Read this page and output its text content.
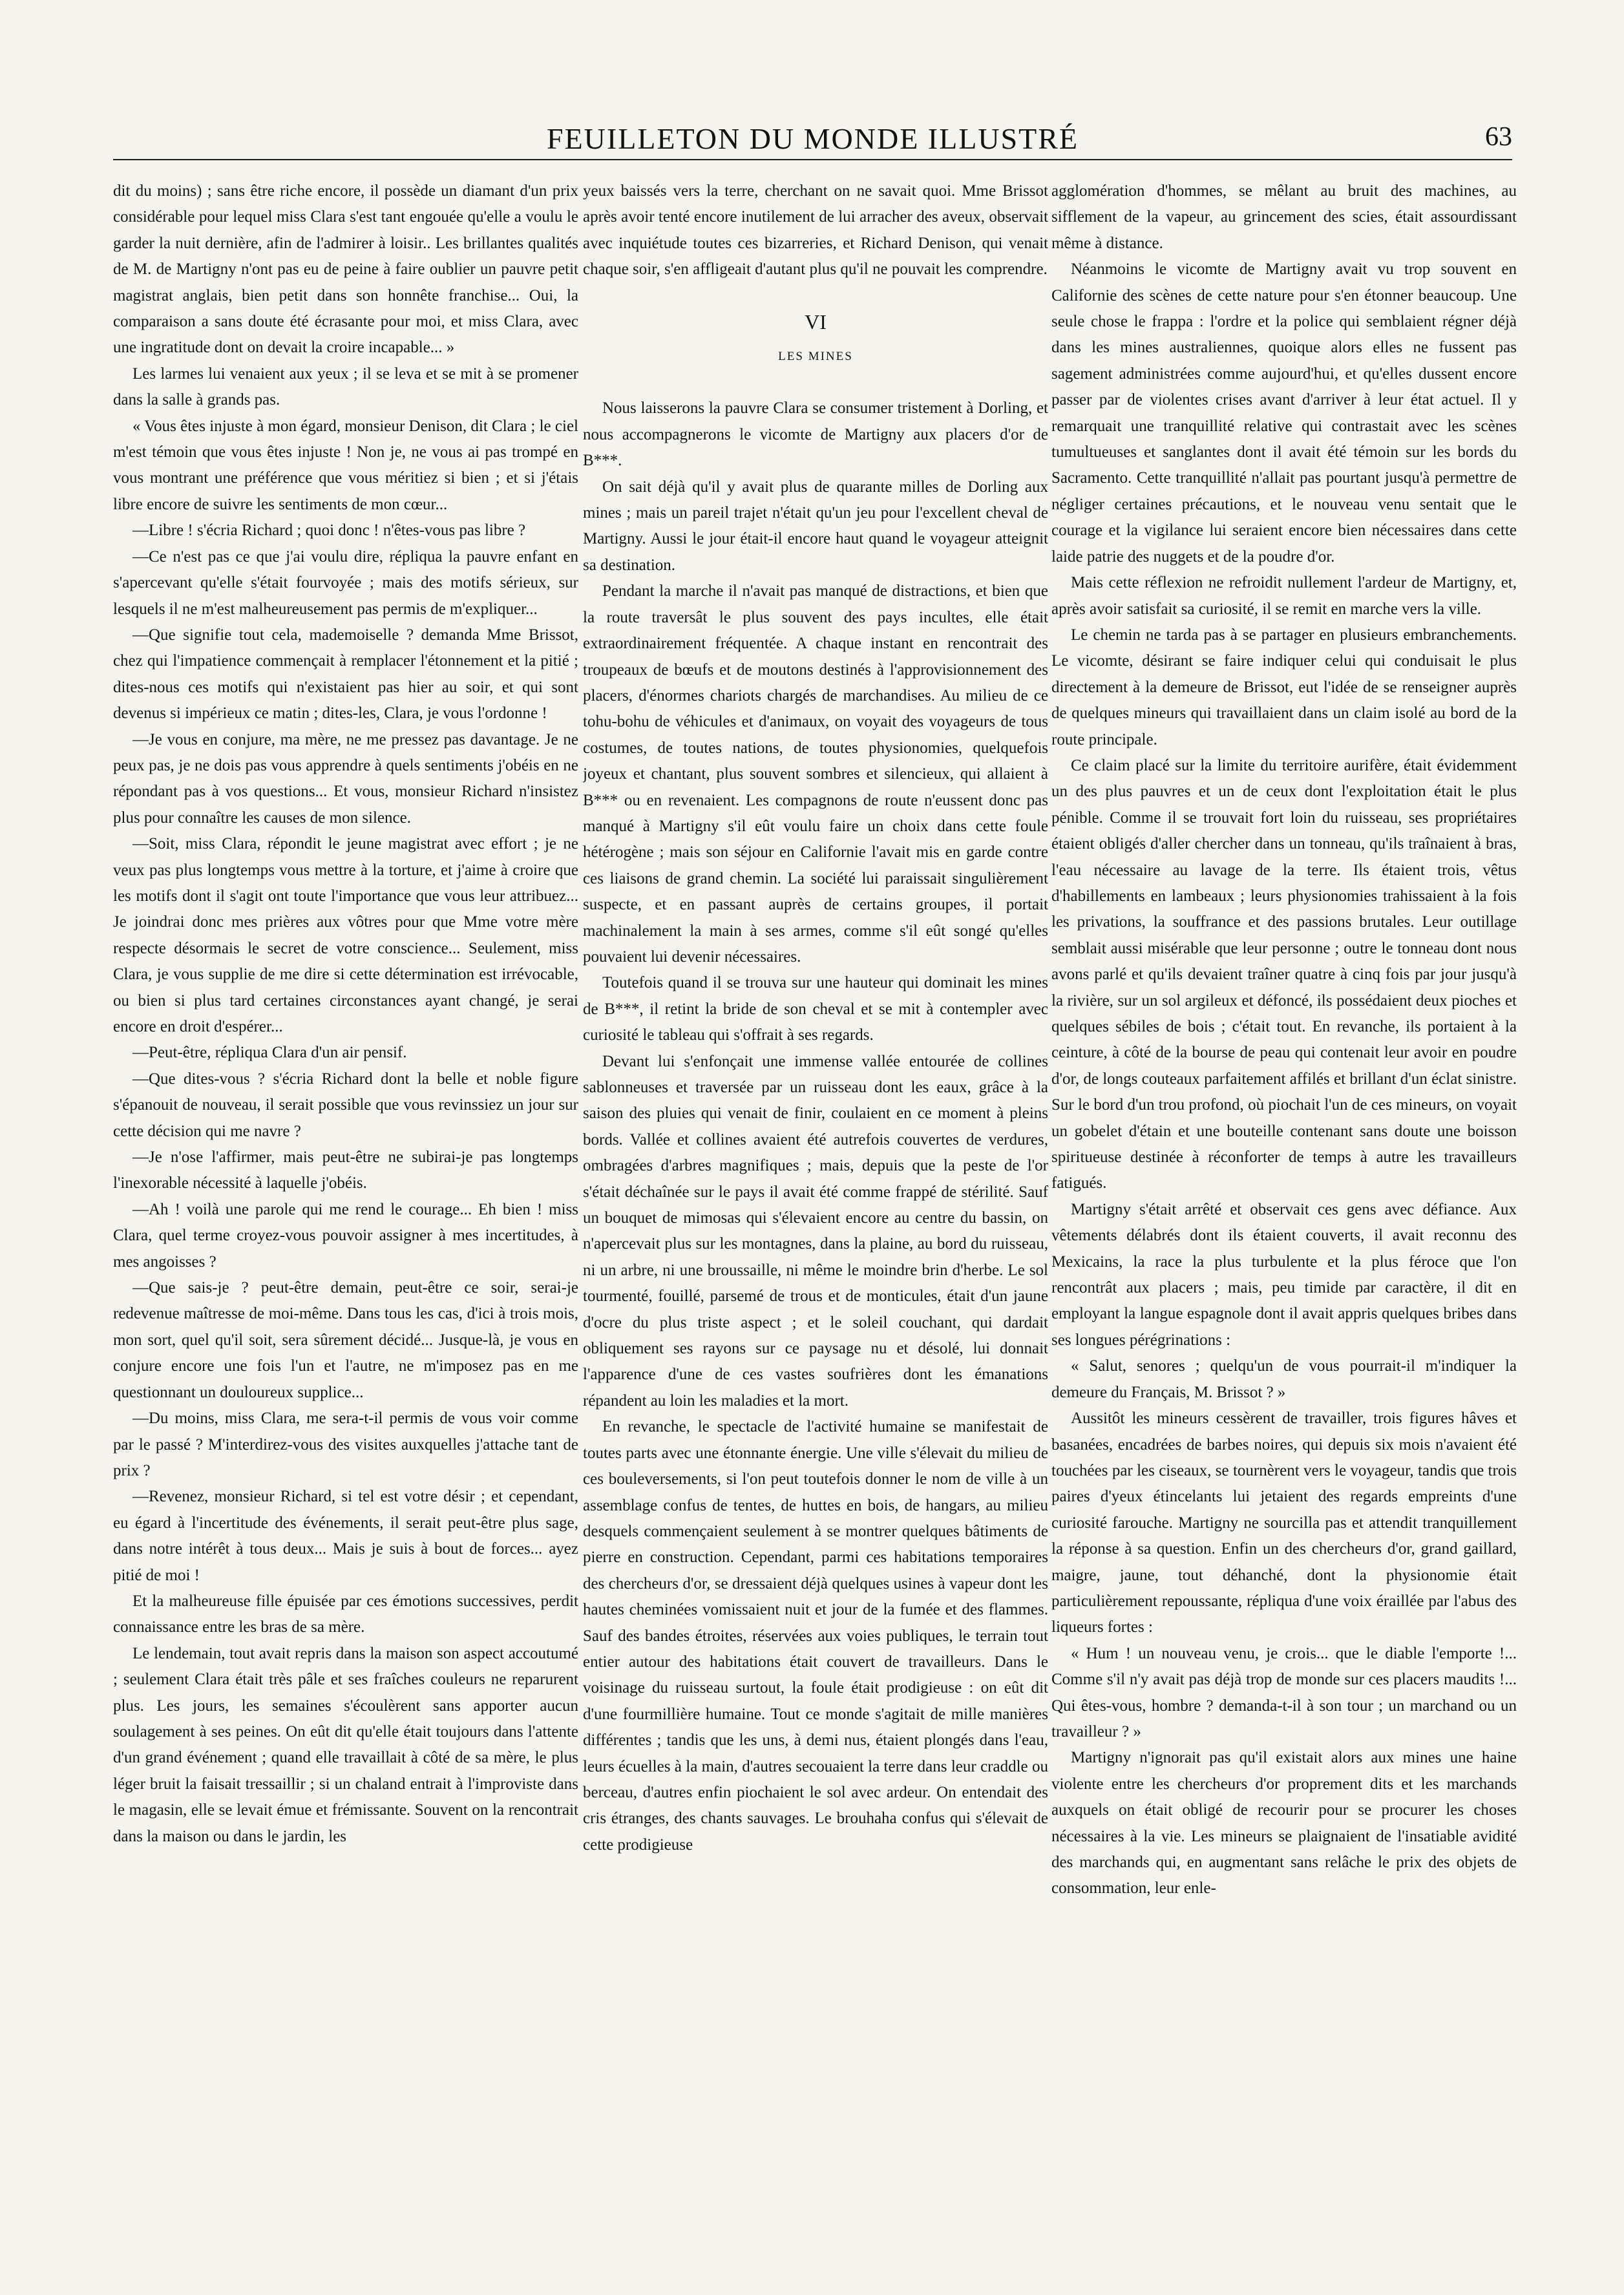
FEUILLETON DU MONDE ILLUSTRÉ	63

dit du moins) ; sans être riche encore, il possède un diamant d'un prix considérable pour lequel miss Clara s'est tant engouée qu'elle a voulu le garder la nuit dernière, afin de l'admirer à loisir.. Les brillantes qualités de M. de Martigny n'ont pas eu de peine à faire oublier un pauvre petit magistrat anglais, bien petit dans son honnête franchise... Oui, la comparaison a sans doute été écrasante pour moi, et miss Clara, avec une ingratitude dont on devait la croire incapable... »

Les larmes lui venaient aux yeux ; il se leva et se mit à se promener dans la salle à grands pas.

« Vous êtes injuste à mon égard, monsieur Denison, dit Clara ; le ciel m'est témoin que vous êtes injuste ! Non je, ne vous ai pas trompé en vous montrant une préférence que vous méritiez si bien ; et si j'étais libre encore de suivre les sentiments de mon cœur...

—Libre ! s'écria Richard ; quoi donc ! n'êtes-vous pas libre ?

—Ce n'est pas ce que j'ai voulu dire, répliqua la pauvre enfant en s'apercevant qu'elle s'était fourvoyée ; mais des motifs sérieux, sur lesquels il ne m'est malheureusement pas permis de m'expliquer...

—Que signifie tout cela, mademoiselle ? demanda Mme Brissot, chez qui l'impatience commençait à remplacer l'étonnement et la pitié ; dites-nous ces motifs qui n'existaient pas hier au soir, et qui sont devenus si impérieux ce matin ; dites-les, Clara, je vous l'ordonne !

—Je vous en conjure, ma mère, ne me pressez pas davantage. Je ne peux pas, je ne dois pas vous apprendre à quels sentiments j'obéis en ne répondant pas à vos questions... Et vous, monsieur Richard n'insistez plus pour connaître les causes de mon silence.

—Soit, miss Clara, répondit le jeune magistrat avec effort ; je ne veux pas plus longtemps vous mettre à la torture, et j'aime à croire que les motifs dont il s'agit ont toute l'importance que vous leur attribuez... Je joindrai donc mes prières aux vôtres pour que Mme votre mère respecte désormais le secret de votre conscience... Seulement, miss Clara, je vous supplie de me dire si cette détermination est irrévocable, ou bien si plus tard certaines circonstances ayant changé, je serai encore en droit d'espérer...

—Peut-être, répliqua Clara d'un air pensif.

—Que dites-vous ? s'écria Richard dont la belle et noble figure s'épanouit de nouveau, il serait possible que vous revinssiez un jour sur cette décision qui me navre ?

—Je n'ose l'affirmer, mais peut-être ne subirai-je pas longtemps l'inexorable nécessité à laquelle j'obéis.

—Ah ! voilà une parole qui me rend le courage... Eh bien ! miss Clara, quel terme croyez-vous pouvoir assigner à mes incertitudes, à mes angoisses ?

—Que sais-je ? peut-être demain, peut-être ce soir, serai-je redevenue maîtresse de moi-même. Dans tous les cas, d'ici à trois mois, mon sort, quel qu'il soit, sera sûrement décidé... Jusque-là, je vous en conjure encore une fois l'un et l'autre, ne m'imposez pas en me questionnant un douloureux supplice...

—Du moins, miss Clara, me sera-t-il permis de vous voir comme par le passé ? M'interdirez-vous des visites auxquelles j'attache tant de prix ?

—Revenez, monsieur Richard, si tel est votre désir ; et cependant, eu égard à l'incertitude des événements, il serait peut-être plus sage, dans notre intérêt à tous deux... Mais je suis à bout de forces... ayez pitié de moi !

Et la malheureuse fille épuisée par ces émotions successives, perdit connaissance entre les bras de sa mère.

Le lendemain, tout avait repris dans la maison son aspect accoutumé ; seulement Clara était très pâle et ses fraîches couleurs ne reparurent plus. Les jours, les semaines s'écoulèrent sans apporter aucun soulagement à ses peines. On eût dit qu'elle était toujours dans l'attente d'un grand événement ; quand elle travaillait à côté de sa mère, le plus léger bruit la faisait tressaillir ; si un chaland entrait à l'improviste dans le magasin, elle se levait émue et frémissante. Souvent on la rencontrait dans la maison ou dans le jardin, les

yeux baissés vers la terre, cherchant on ne savait quoi. Mme Brissot après avoir tenté encore inutilement de lui arracher des aveux, observait avec inquiétude toutes ces bizarreries, et Richard Denison, qui venait chaque soir, s'en affligeait d'autant plus qu'il ne pouvait les comprendre.

VI
LES MINES

Nous laisserons la pauvre Clara se consumer tristement à Dorling, et nous accompagnerons le vicomte de Martigny aux placers d'or de B***.

On sait déjà qu'il y avait plus de quarante milles de Dorling aux mines ; mais un pareil trajet n'était qu'un jeu pour l'excellent cheval de Martigny. Aussi le jour était-il encore haut quand le voyageur atteignit sa destination.

Pendant la marche il n'avait pas manqué de distractions, et bien que la route traversât le plus souvent des pays incultes, elle était extraordinairement fréquentée. A chaque instant en rencontrait des troupeaux de bœufs et de moutons destinés à l'approvisionnement des placers, d'énormes chariots chargés de marchandises. Au milieu de ce tohu-bohu de véhicules et d'animaux, on voyait des voyageurs de tous costumes, de toutes nations, de toutes physionomies, quelquefois joyeux et chantant, plus souvent sombres et silencieux, qui allaient à B*** ou en revenaient. Les compagnons de route n'eussent donc pas manqué à Martigny s'il eût voulu faire un choix dans cette foule hétérogène ; mais son séjour en Californie l'avait mis en garde contre ces liaisons de grand chemin. La société lui paraissait singulièrement suspecte, et en passant auprès de certains groupes, il portait machinalement la main à ses armes, comme s'il eût songé qu'elles pouvaient lui devenir nécessaires.

Toutefois quand il se trouva sur une hauteur qui dominait les mines de B***, il retint la bride de son cheval et se mit à contempler avec curiosité le tableau qui s'offrait à ses regards.

Devant lui s'enfonçait une immense vallée entourée de collines sablonneuses et traversée par un ruisseau dont les eaux, grâce à la saison des pluies qui venait de finir, coulaient en ce moment à pleins bords. Vallée et collines avaient été autrefois couvertes de verdures, ombragées d'arbres magnifiques ; mais, depuis que la peste de l'or s'était déchaînée sur le pays il avait été comme frappé de stérilité. Sauf un bouquet de mimosas qui s'élevaient encore au centre du bassin, on n'apercevait plus sur les montagnes, dans la plaine, au bord du ruisseau, ni un arbre, ni une broussaille, ni même le moindre brin d'herbe. Le sol tourmenté, fouillé, parsemé de trous et de monticules, était d'un jaune d'ocre du plus triste aspect ; et le soleil couchant, qui dardait obliquement ses rayons sur ce paysage nu et désolé, lui donnait l'apparence d'une de ces vastes soufrières dont les émanations répandent au loin les maladies et la mort.

En revanche, le spectacle de l'activité humaine se manifestait de toutes parts avec une étonnante énergie. Une ville s'élevait du milieu de ces bouleversements, si l'on peut toutefois donner le nom de ville à un assemblage confus de tentes, de huttes en bois, de hangars, au milieu desquels commençaient seulement à se montrer quelques bâtiments de pierre en construction. Cependant, parmi ces habitations temporaires des chercheurs d'or, se dressaient déjà quelques usines à vapeur dont les hautes cheminées vomissaient nuit et jour de la fumée et des flammes. Sauf des bandes étroites, réservées aux voies publiques, le terrain tout entier autour des habitations était couvert de travailleurs. Dans le voisinage du ruisseau surtout, la foule était prodigieuse : on eût dit d'une fourmillière humaine. Tout ce monde s'agitait de mille manières différentes ; tandis que les uns, à demi nus, étaient plongés dans l'eau, leurs écuelles à la main, d'autres secouaient la terre dans leur craddle ou berceau, d'autres enfin piochaient le sol avec ardeur. On entendait des cris étranges, des chants sauvages. Le brouhaha confus qui s'élevait de cette prodigieuse

agglomération d'hommes, se mêlant au bruit des machines, au sifflement de la vapeur, au grincement des scies, était assourdissant même à distance.

Néanmoins le vicomte de Martigny avait vu trop souvent en Californie des scènes de cette nature pour s'en étonner beaucoup. Une seule chose le frappa : l'ordre et la police qui semblaient régner déjà dans les mines australiennes, quoique alors elles ne fussent pas sagement administrées comme aujourd'hui, et qu'elles dussent encore passer par de violentes crises avant d'arriver à leur état actuel. Il y remarquait une tranquillité relative qui contrastait avec les scènes tumultueuses et sanglantes dont il avait été témoin sur les bords du Sacramento. Cette tranquillité n'allait pas pourtant jusqu'à permettre de négliger certaines précautions, et le nouveau venu sentait que le courage et la vigilance lui seraient encore bien nécessaires dans cette laide patrie des nuggets et de la poudre d'or.

Mais cette réflexion ne refroidit nullement l'ardeur de Martigny, et, après avoir satisfait sa curiosité, il se remit en marche vers la ville.

Le chemin ne tarda pas à se partager en plusieurs embranchements. Le vicomte, désirant se faire indiquer celui qui conduisait le plus directement à la demeure de Brissot, eut l'idée de se renseigner auprès de quelques mineurs qui travaillaient dans un claim isolé au bord de la route principale.

Ce claim placé sur la limite du territoire aurifère, était évidemment un des plus pauvres et un de ceux dont l'exploitation était le plus pénible. Comme il se trouvait fort loin du ruisseau, ses propriétaires étaient obligés d'aller chercher dans un tonneau, qu'ils traînaient à bras, l'eau nécessaire au lavage de la terre. Ils étaient trois, vêtus d'habillements en lambeaux ; leurs physionomies trahissaient à la fois les privations, la souffrance et des passions brutales. Leur outillage semblait aussi misérable que leur personne ; outre le tonneau dont nous avons parlé et qu'ils devaient traîner quatre à cinq fois par jour jusqu'à la rivière, sur un sol argileux et défoncé, ils possédaient deux pioches et quelques sébiles de bois ; c'était tout. En revanche, ils portaient à la ceinture, à côté de la bourse de peau qui contenait leur avoir en poudre d'or, de longs couteaux parfaitement affilés et brillant d'un éclat sinistre. Sur le bord d'un trou profond, où piochait l'un de ces mineurs, on voyait un gobelet d'étain et une bouteille contenant sans doute une boisson spiritueuse destinée à réconforter de temps à autre les travailleurs fatigués.

Martigny s'était arrêté et observait ces gens avec défiance. Aux vêtements délabrés dont ils étaient couverts, il avait reconnu des Mexicains, la race la plus turbulente et la plus féroce que l'on rencontrât aux placers ; mais, peu timide par caractère, il dit en employant la langue espagnole dont il avait appris quelques bribes dans ses longues pérégrinations :

« Salut, senores ; quelqu'un de vous pourrait-il m'indiquer la demeure du Français, M. Brissot ? »

Aussitôt les mineurs cessèrent de travailler, trois figures hâves et basanées, encadrées de barbes noires, qui depuis six mois n'avaient été touchées par les ciseaux, se tournèrent vers le voyageur, tandis que trois paires d'yeux étincelants lui jetaient des regards empreints d'une curiosité farouche. Martigny ne sourcilla pas et attendit tranquillement la réponse à sa question. Enfin un des chercheurs d'or, grand gaillard, maigre, jaune, tout déhanché, dont la physionomie était particulièrement repoussante, répliqua d'une voix éraillée par l'abus des liqueurs fortes :

« Hum ! un nouveau venu, je crois... que le diable l'emporte !... Comme s'il n'y avait pas déjà trop de monde sur ces placers maudits !... Qui êtes-vous, hombre ? demanda-t-il à son tour ; un marchand ou un travailleur ? »

Martigny n'ignorait pas qu'il existait alors aux mines une haine violente entre les chercheurs d'or proprement dits et les marchands auxquels on était obligé de recourir pour se procurer les choses nécessaires à la vie. Les mineurs se plaignaient de l'insatiable avidité des marchands qui, en augmentant sans relâche le prix des objets de consommation, leur enle-
